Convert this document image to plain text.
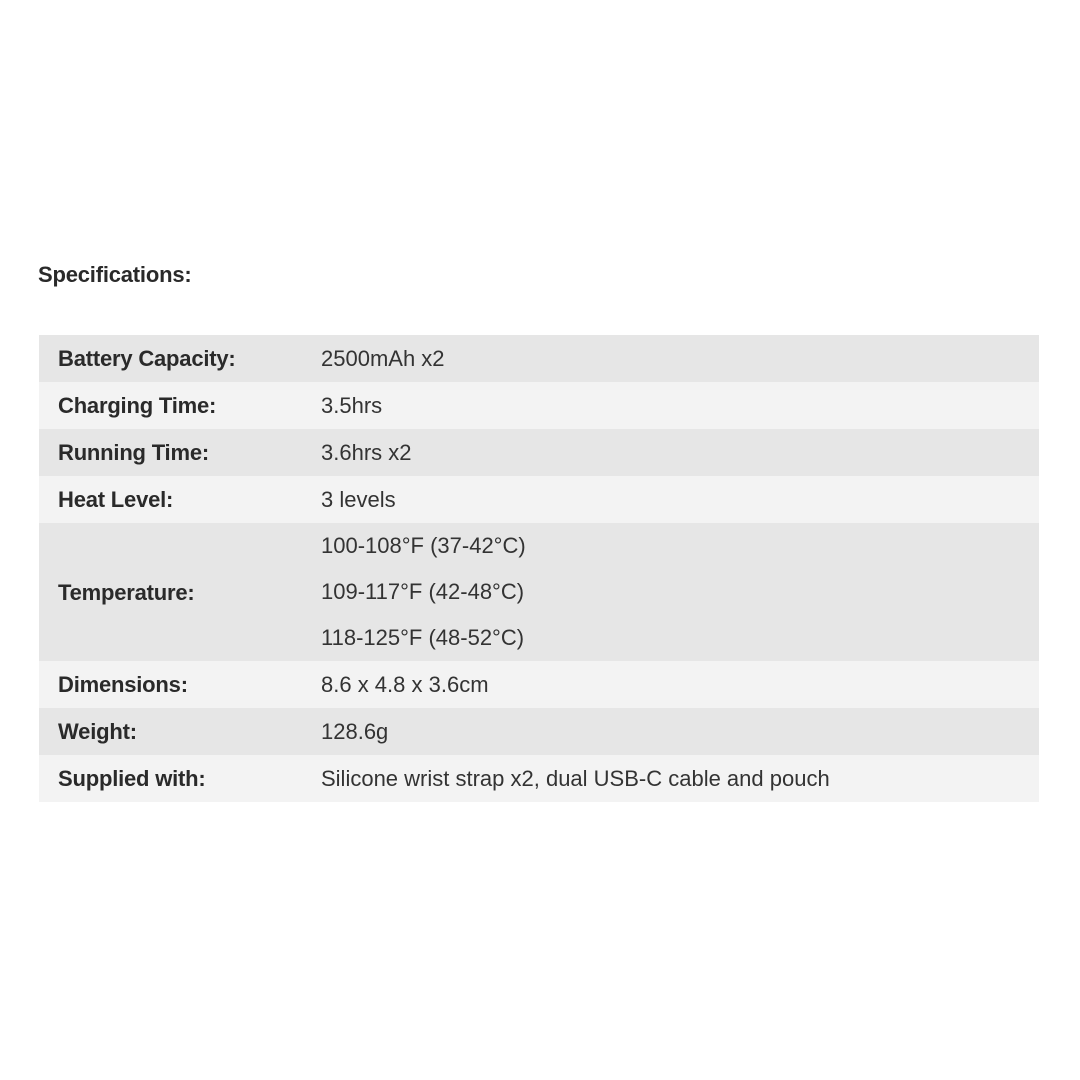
Specifications:
Battery Capacity:	2500mAh x2
Charging Time:	3.5hrs
Running Time:	3.6hrs x2
Heat Level:	3 levels
Temperature:	100-108°F (37-42°C)
109-117°F (42-48°C)
118-125°F (48-52°C)

Dimensions:	8.6 x 4.8 x 3.6cm
Weight:	128.6g
Supplied with:	Silicone wrist strap x2, dual USB-C cable and pouch
